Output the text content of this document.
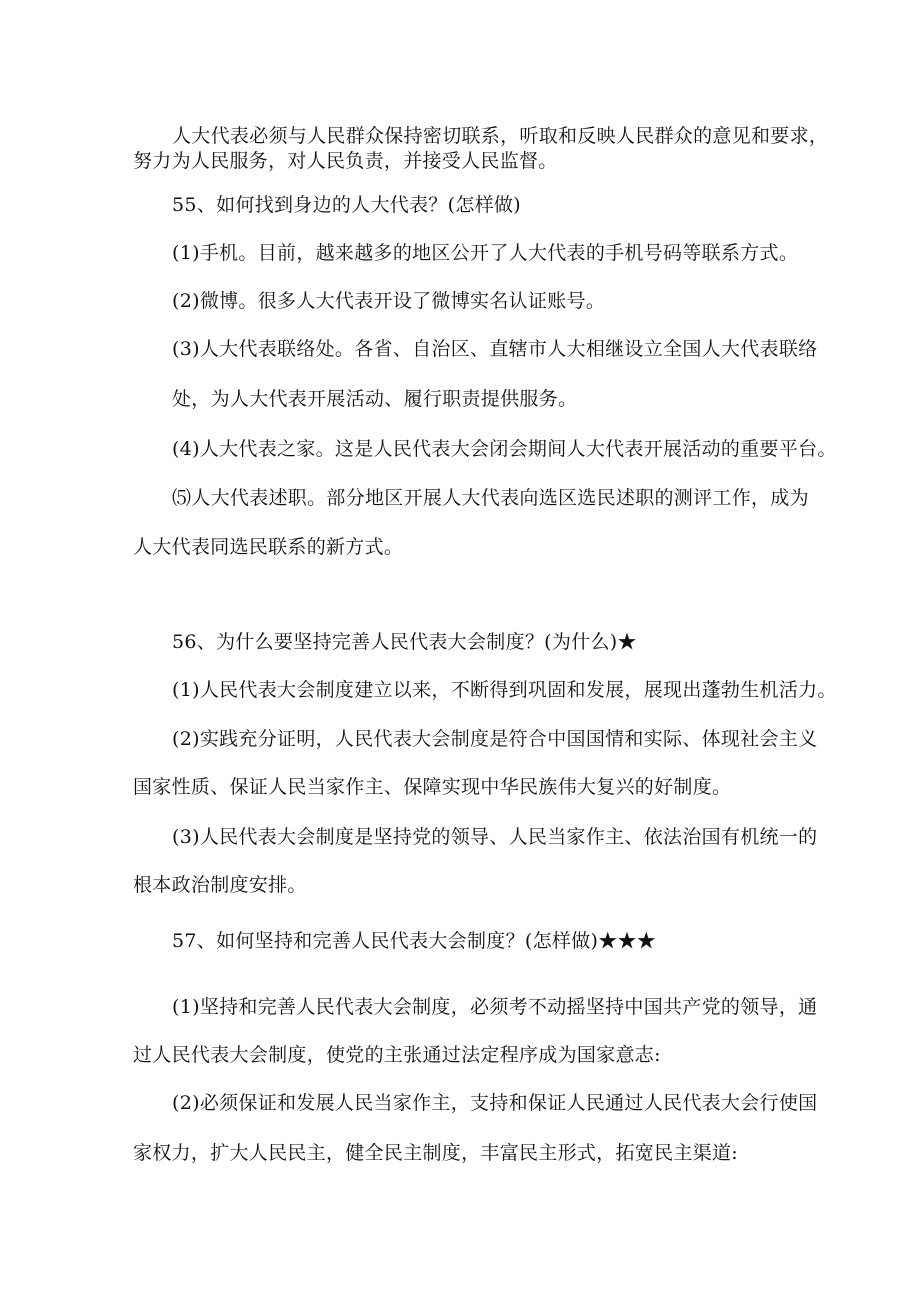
人大代表必须与人民群众保持密切联系，听取和反映人民群众的意见和要求，
努力为人民服务，对人民负责，并接受人民监督。
55、如何找到身边的人大代表？(怎样做)
(1)手机。目前，越来越多的地区公开了人大代表的手机号码等联系方式。
(2)微博。很多人大代表开设了微博实名认证账号。
(3)人大代表联络处。各省、自治区、直辖市人大相继设立全国人大代表联络
处，为人大代表开展活动、履行职责提供服务。
(4)人大代表之家。这是人民代表大会闭会期间人大代表开展活动的重要平台。
⑸人大代表述职。部分地区开展人大代表向选区选民述职的测评工作，成为
人大代表同选民联系的新方式。
56、为什么要坚持完善人民代表大会制度？(为什么)★
(1)人民代表大会制度建立以来，不断得到巩固和发展，展现出蓬勃生机活力。
(2)实践充分证明，人民代表大会制度是符合中国国情和实际、体现社会主义
国家性质、保证人民当家作主、保障实现中华民族伟大复兴的好制度。
(3)人民代表大会制度是坚持党的领导、人民当家作主、依法治国有机统一的
根本政治制度安排。
57、如何坚持和完善人民代表大会制度？(怎样做)★★★
(1)坚持和完善人民代表大会制度，必须考不动摇坚持中国共产党的领导，通
过人民代表大会制度，使党的主张通过法定程序成为国家意志:
(2)必须保证和发展人民当家作主，支持和保证人民通过人民代表大会行使国
家权力，扩大人民民主，健全民主制度，丰富民主形式，拓宽民主渠道:
